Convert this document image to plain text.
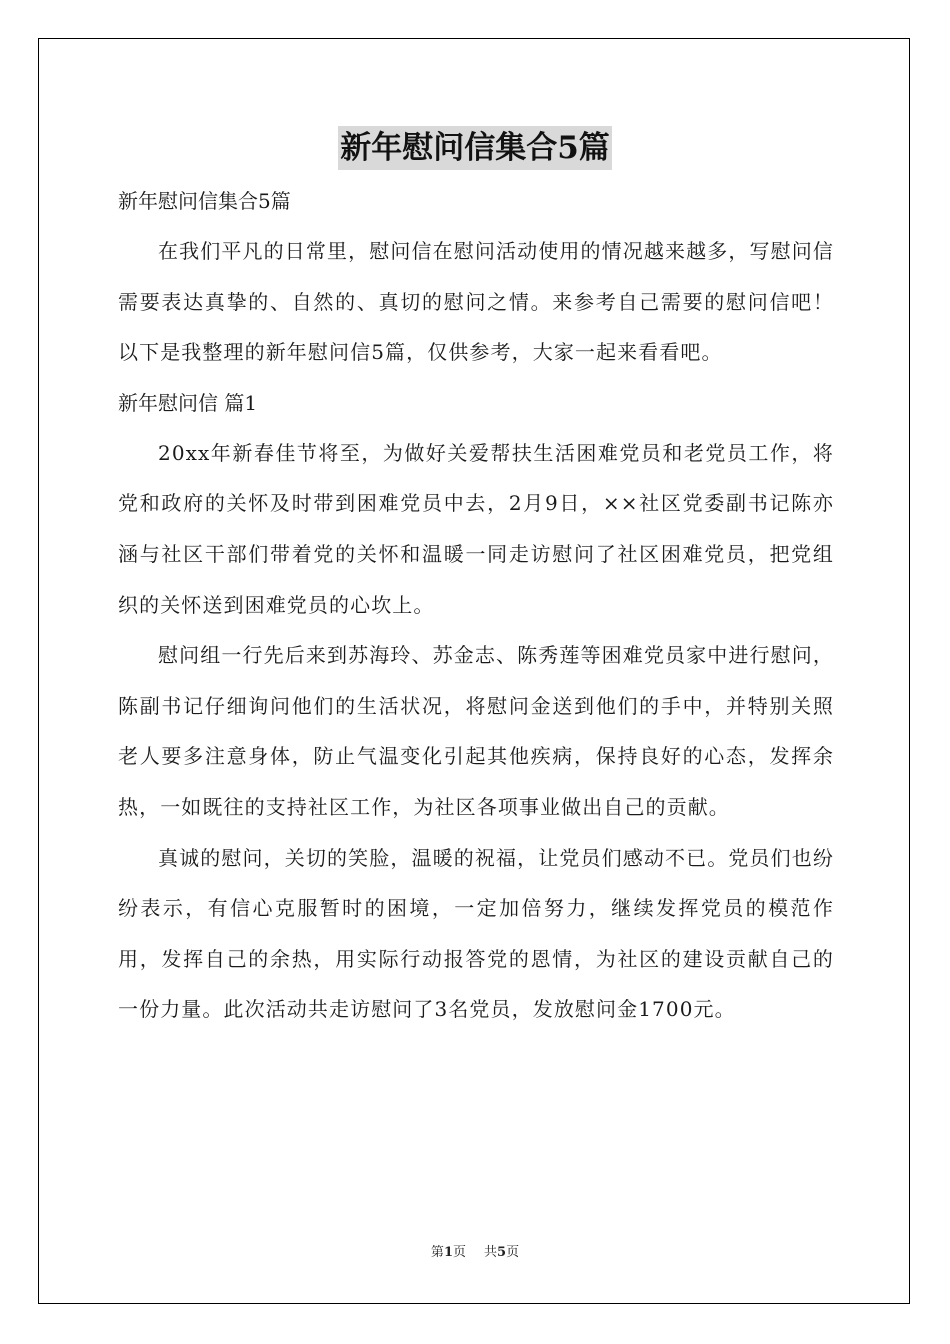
新年慰问信集合5篇

新年慰问信集合5篇

在我们平凡的日常里，慰问信在慰问活动使用的情况越来越多，写慰问信需要表达真挚的、自然的、真切的慰问之情。来参考自己需要的慰问信吧！以下是我整理的新年慰问信5篇，仅供参考，大家一起来看看吧。

新年慰问信 篇1

20xx年新春佳节将至，为做好关爱帮扶生活困难党员和老党员工作，将党和政府的关怀及时带到困难党员中去，2月9日，××社区党委副书记陈亦涵与社区干部们带着党的关怀和温暖一同走访慰问了社区困难党员，把党组织的关怀送到困难党员的心坎上。

慰问组一行先后来到苏海玲、苏金志、陈秀莲等困难党员家中进行慰问，陈副书记仔细询问他们的生活状况，将慰问金送到他们的手中，并特别关照老人要多注意身体，防止气温变化引起其他疾病，保持良好的心态，发挥余热，一如既往的支持社区工作，为社区各项事业做出自己的贡献。

真诚的慰问，关切的笑脸，温暖的祝福，让党员们感动不已。党员们也纷纷表示，有信心克服暂时的困境，一定加倍努力，继续发挥党员的模范作用，发挥自己的余热，用实际行动报答党的恩情，为社区的建设贡献自己的一份力量。此次活动共走访慰问了3名党员，发放慰问金1700元。

第1页 共5页
